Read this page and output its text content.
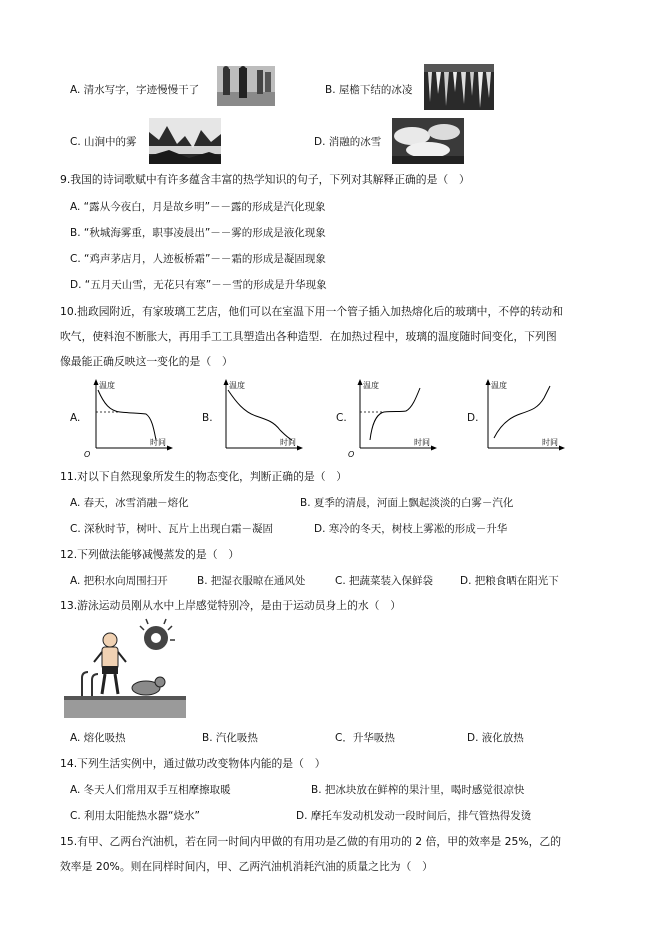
A. 清水写字，字迹慢慢干了	B. 屋檐下结的冰凌
C. 山涧中的雾	D. 消融的冰雪
9.我国的诗词歌赋中有许多蕴含丰富的热学知识的句子，下列对其解释正确的是（　）
A. “露从今夜白，月是故乡明”－－露的形成是汽化现象
B. “秋城海雾重，职事凌晨出”－－雾的形成是液化现象
C. “鸡声茅店月，人迹板桥霜”－－霜的形成是凝固现象
D. “五月天山雪，无花只有寒”－－雪的形成是升华现象
10.拙政园附近，有家玻璃工艺店，他们可以在室温下用一个管子插入加热熔化后的玻璃中，不停的转动和
吹气，使料泡不断胀大，再用手工工具塑造出各种造型．在加热过程中，玻璃的温度随时间变化，下列图
像最能正确反映这一变化的是（　）
A.
温度
时间
O
B.
温度
时间
C.
温度
时间
O
D.
温度
时间
11.对以下自然现象所发生的物态变化，判断正确的是（　）
A. 春天，冰雪消融－熔化	B. 夏季的清晨，河面上飘起淡淡的白雾－汽化
C. 深秋时节，树叶、瓦片上出现白霜－凝固	D. 寒冷的冬天，树枝上雾凇的形成－升华
12.下列做法能够减慢蒸发的是（　）
A. 把积水向周围扫开	B. 把湿衣服晾在通风处	C. 把蔬菜装入保鲜袋	D. 把粮食晒在阳光下
13.游泳运动员刚从水中上岸感觉特别冷，是由于运动员身上的水（　）
A. 熔化吸热	B. 汽化吸热	C．升华吸热	D. 液化放热
14.下列生活实例中，通过做功改变物体内能的是（　）
A. 冬天人们常用双手互相摩擦取暖	B. 把冰块放在鲜榨的果汁里，喝时感觉很凉快
C. 利用太阳能热水器“烧水”	D. 摩托车发动机发动一段时间后，排气管热得发烫
15.有甲、乙两台汽油机，若在同一时间内甲做的有用功是乙做的有用功的 2 倍，甲的效率是 25%，乙的
效率是 20%。则在同样时间内，甲、乙两汽油机消耗汽油的质量之比为（　）
